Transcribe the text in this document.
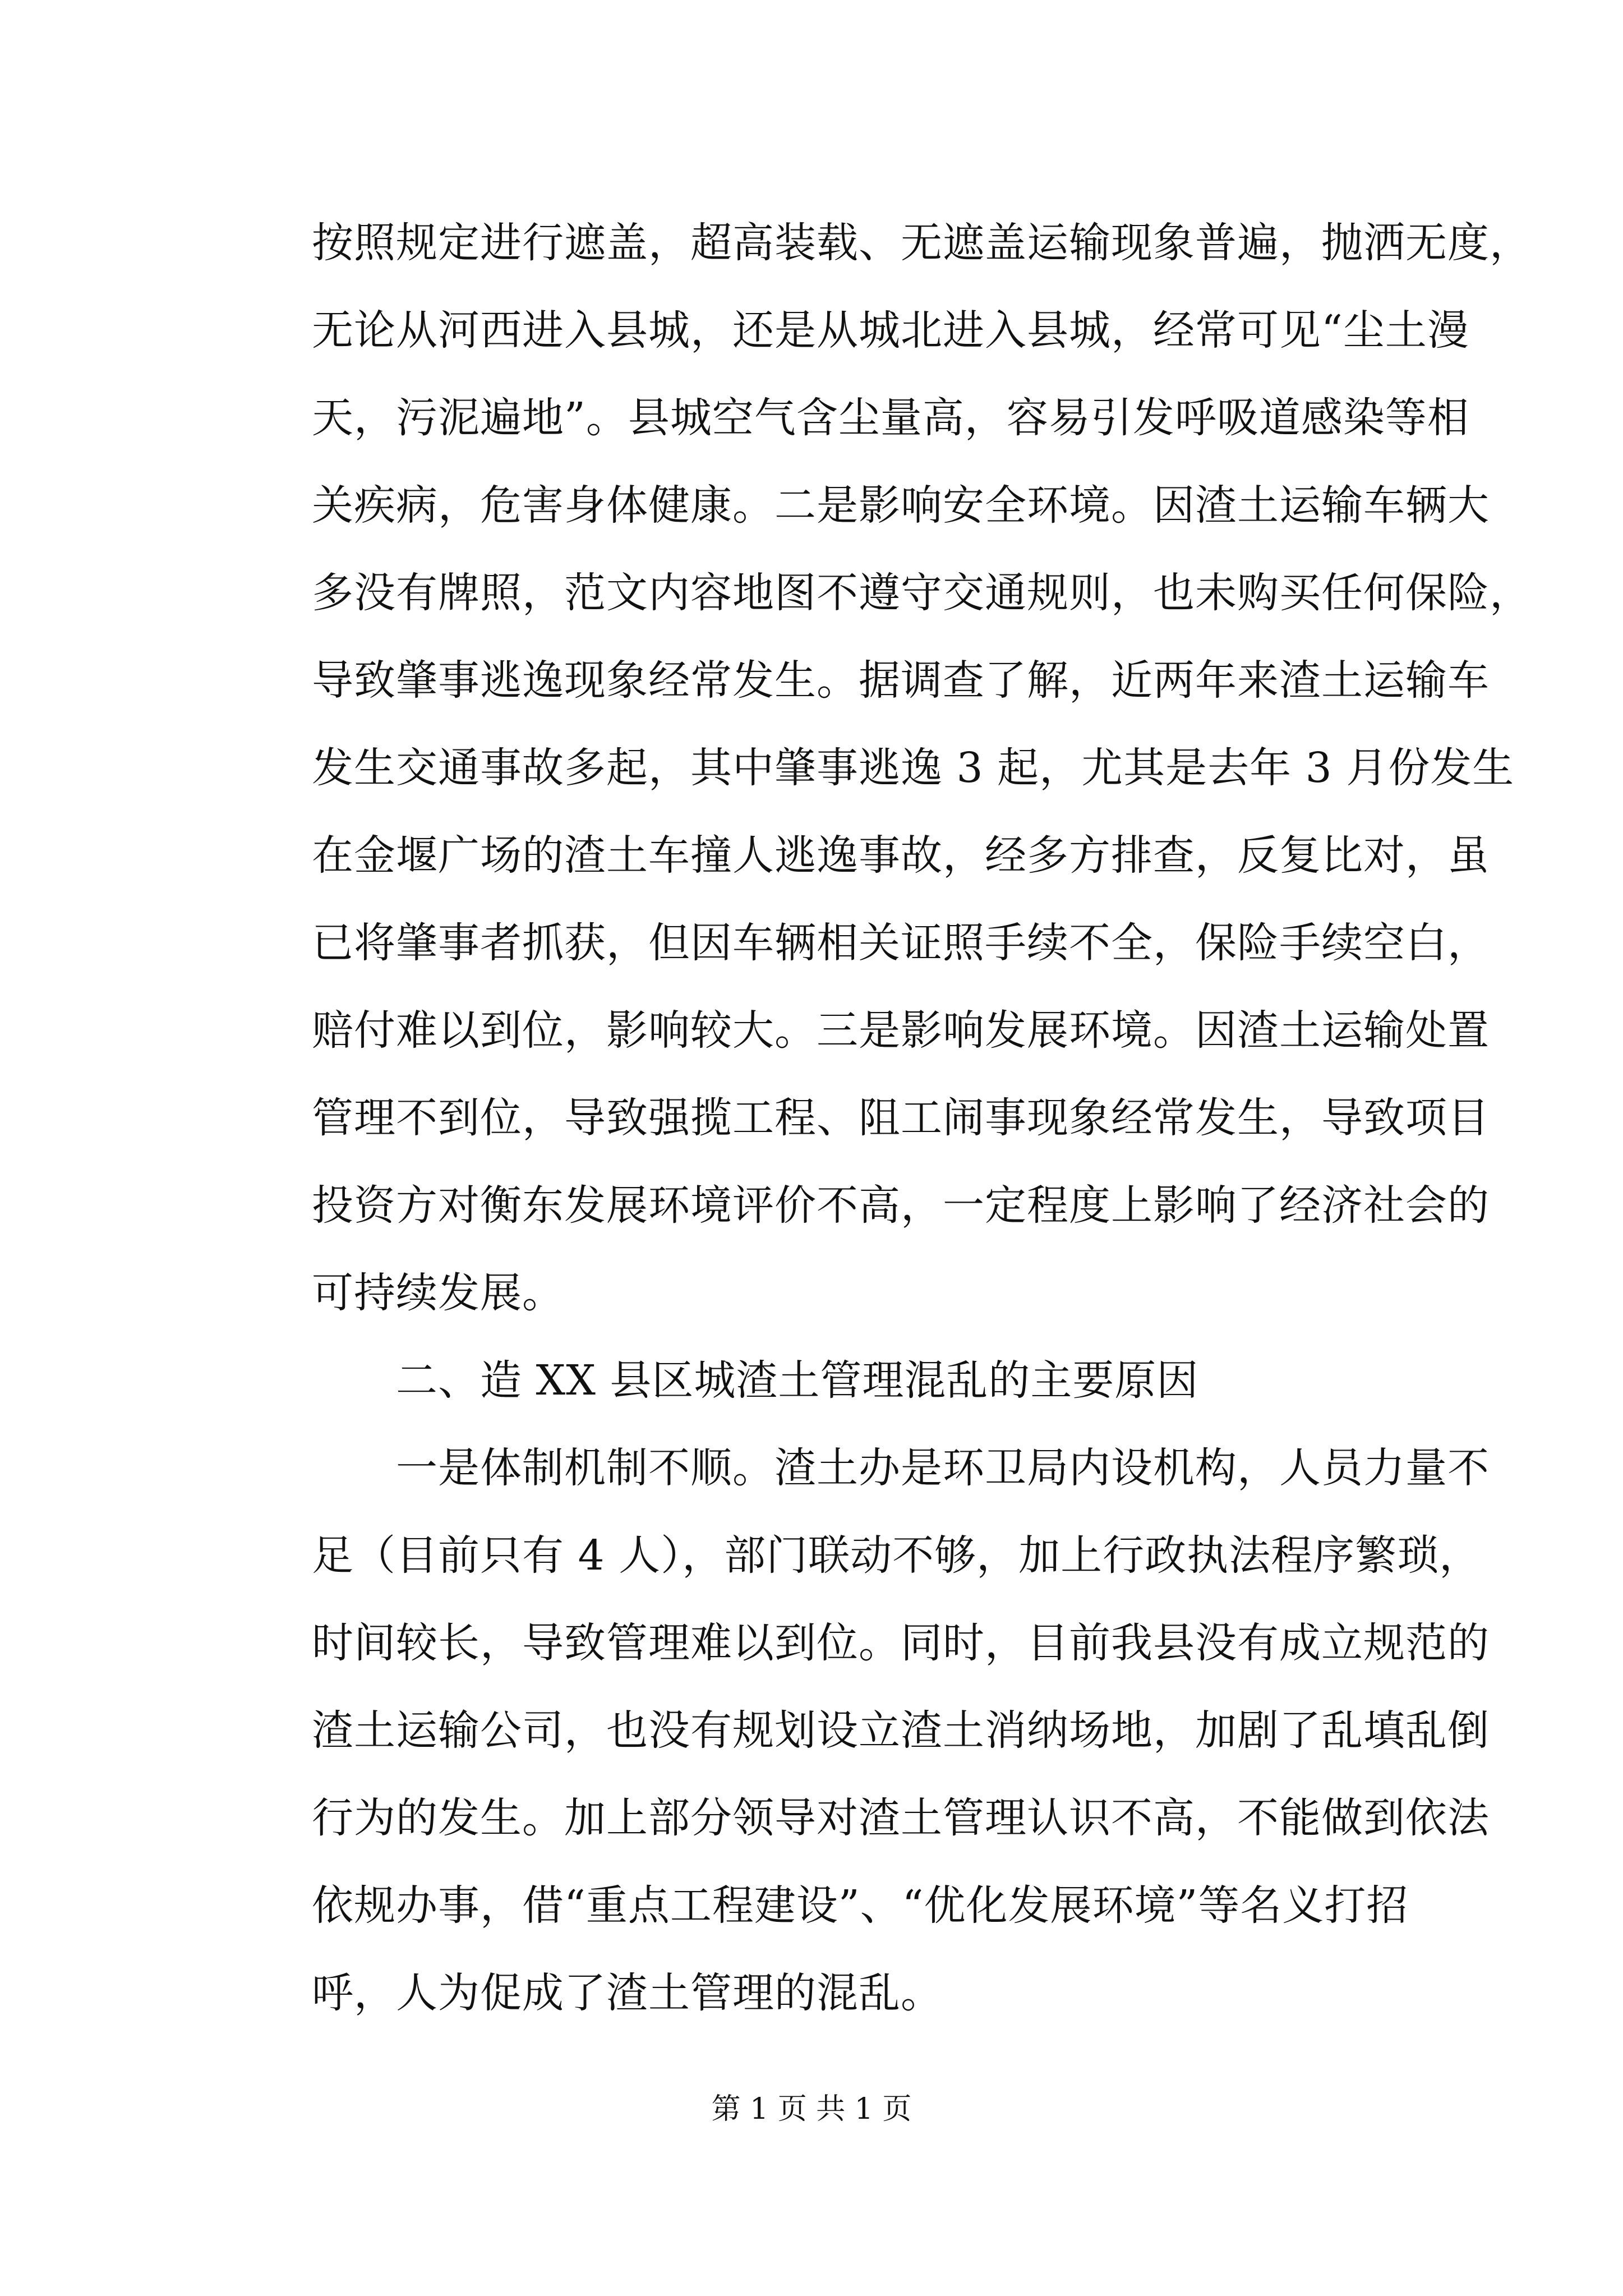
按照规定进行遮盖，超高装载、无遮盖运输现象普遍，抛洒无度，
无论从河西进入县城，还是从城北进入县城，经常可见“尘土漫
天，污泥遍地”。县城空气含尘量高，容易引发呼吸道感染等相
关疾病，危害身体健康。二是影响安全环境。因渣土运输车辆大
多没有牌照，范文内容地图不遵守交通规则，也未购买任何保险，
导致肇事逃逸现象经常发生。据调查了解，近两年来渣土运输车
发生交通事故多起，其中肇事逃逸 3 起，尤其是去年 3 月份发生
在金堰广场的渣土车撞人逃逸事故，经多方排查，反复比对，虽
已将肇事者抓获，但因车辆相关证照手续不全，保险手续空白，
赔付难以到位，影响较大。三是影响发展环境。因渣土运输处置
管理不到位，导致强揽工程、阻工闹事现象经常发生，导致项目
投资方对衡东发展环境评价不高，一定程度上影响了经济社会的
可持续发展。
二、造 XX 县区城渣土管理混乱的主要原因
一是体制机制不顺。渣土办是环卫局内设机构，人员力量不
足（目前只有 4 人），部门联动不够，加上行政执法程序繁琐，
时间较长，导致管理难以到位。同时，目前我县没有成立规范的
渣土运输公司，也没有规划设立渣土消纳场地，加剧了乱填乱倒
行为的发生。加上部分领导对渣土管理认识不高，不能做到依法
依规办事，借“重点工程建设”、“优化发展环境”等名义打招
呼，人为促成了渣土管理的混乱。
第 1 页 共 1 页
